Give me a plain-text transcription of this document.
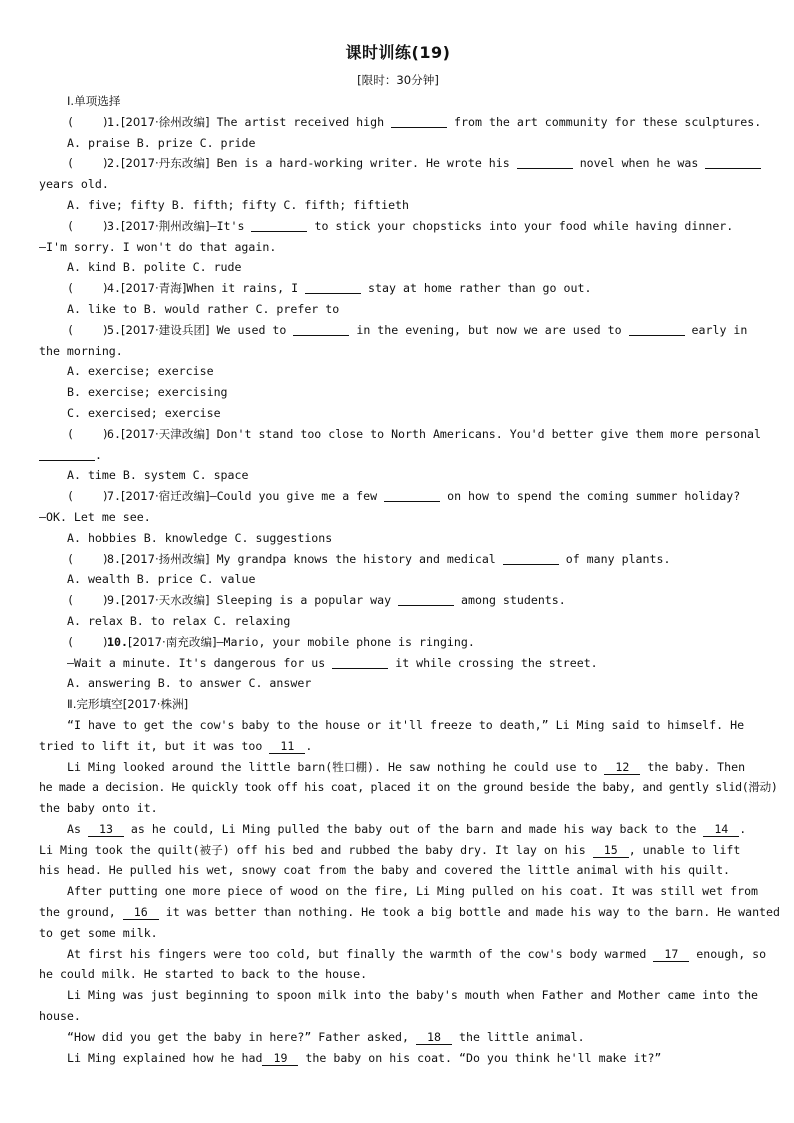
课时训练(19)
[限时：30分钟]
Ⅰ.单项选择
(    )1.[2017·徐州改编] The artist received high	from the art community for these sculptures.
A. praise B. prize C. pride
(    )2.[2017·丹东改编] Ben is a hard-working writer. He wrote his	novel when he was
years old.
A. five; fifty B. fifth; fifty C. fifth; fiftieth
(    )3.[2017·荆州改编]—It's	to stick your chopsticks into your food while having dinner.
—I'm sorry. I won't do that again.
A. kind B. polite C. rude
(    )4.[2017·青海]When it rains, I	stay at home rather than go out.
A. like to B. would rather C. prefer to
(    )5.[2017·建设兵团] We used to	in the evening, but now we are used to	early in
the morning.
A. exercise; exercise
B. exercise; exercising
C. exercised; exercise
(    )6.[2017·天津改编] Don't stand too close to North Americans. You'd better give them more personal
.
A. time B. system C. space
(    )7.[2017·宿迁改编]—Could you give me a few	on how to spend the coming summer holiday?
—OK. Let me see.
A. hobbies B. knowledge C. suggestions
(    )8.[2017·扬州改编] My grandpa knows the history and medical	of many plants.
A. wealth B. price C. value
(    )9.[2017·天水改编] Sleeping is a popular way	among students.
A. relax B. to relax C. relaxing
(    )10.[2017·南充改编]—Mario, your mobile phone is ringing.
—Wait a minute. It's dangerous for us	it while crossing the street.
A. answering B. to answer C. answer
Ⅱ.完形填空[2017·株洲]
“I have to get the cow's baby to the house or it'll freeze to death,” Li Ming said to himself. He
tried to lift it, but it was too 11 .
Li Ming looked around the little barn(牲口棚). He saw nothing he could use to 12 the baby. Then
he made a decision. He quickly took off his coat, placed it on the ground beside the baby, and gently slid(滑动)
the baby onto it.
As 13 as he could, Li Ming pulled the baby out of the barn and made his way back to the 14 .
Li Ming took the quilt(被子) off his bed and rubbed the baby dry. It lay on his 15 , unable to lift
his head. He pulled his wet, snowy coat from the baby and covered the little animal with his quilt.
After putting one more piece of wood on the fire, Li Ming pulled on his coat. It was still wet from
the ground, 16 it was better than nothing. He took a big bottle and made his way to the barn. He wanted
to get some milk.
At first his fingers were too cold, but finally the warmth of the cow's body warmed 17 enough, so
he could milk. He started to back to the house.
Li Ming was just beginning to spoon milk into the baby's mouth when Father and Mother came into the
house.
“How did you get the baby in here?” Father asked, 18 the little animal.
Li Ming explained how he had 19 the baby on his coat. “Do you think he'll make it?”
